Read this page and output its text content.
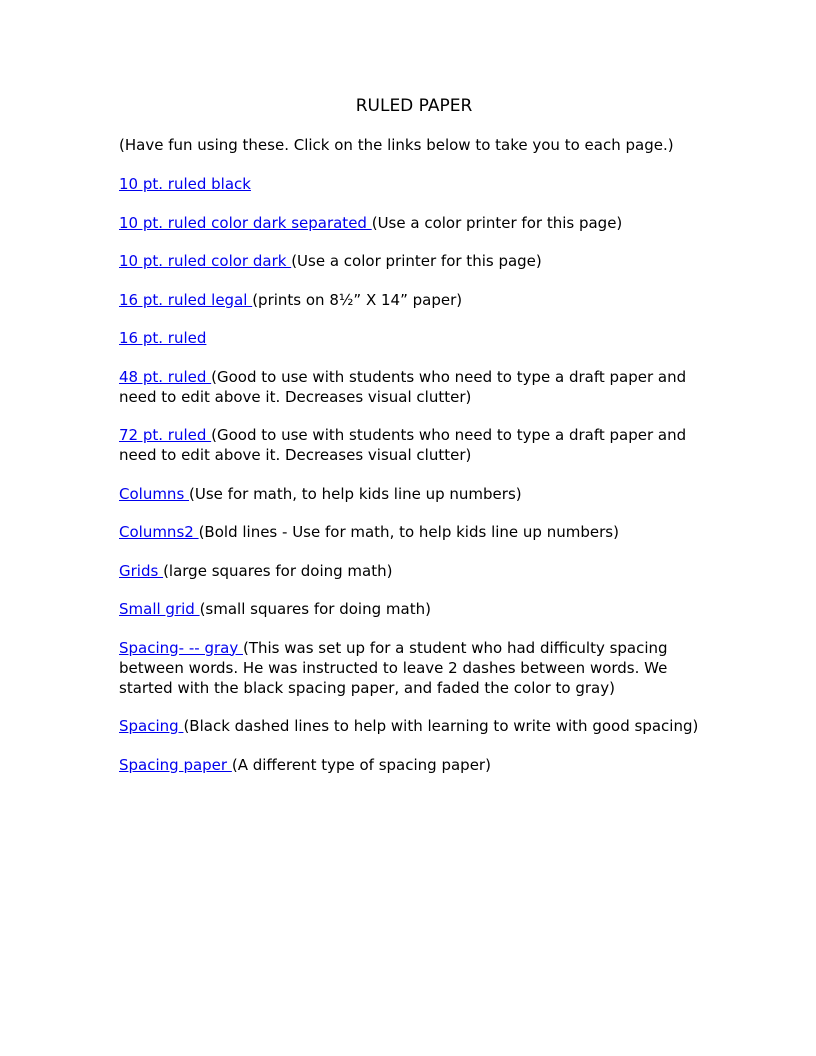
RULED PAPER
(Have fun using these. Click on the links below to take you to each page.)
10 pt. ruled black
10 pt. ruled color dark separated (Use a color printer for this page)
10 pt. ruled color dark (Use a color printer for this page)
16 pt. ruled legal (prints on 8½” X 14” paper)
16 pt. ruled
48 pt. ruled (Good to use with students who need to type a draft paper and need to edit above it. Decreases visual clutter)
72 pt. ruled (Good to use with students who need to type a draft paper and need to edit above it. Decreases visual clutter)
Columns (Use for math, to help kids line up numbers)
Columns2 (Bold lines - Use for math, to help kids line up numbers)
Grids (large squares for doing math)
Small grid (small squares for doing math)
Spacing- -- gray (This was set up for a student who had difficulty spacing between words. He was instructed to leave 2 dashes between words. We started with the black spacing paper, and faded the color to gray)
Spacing (Black dashed lines to help with learning to write with good spacing)
Spacing paper (A different type of spacing paper)
